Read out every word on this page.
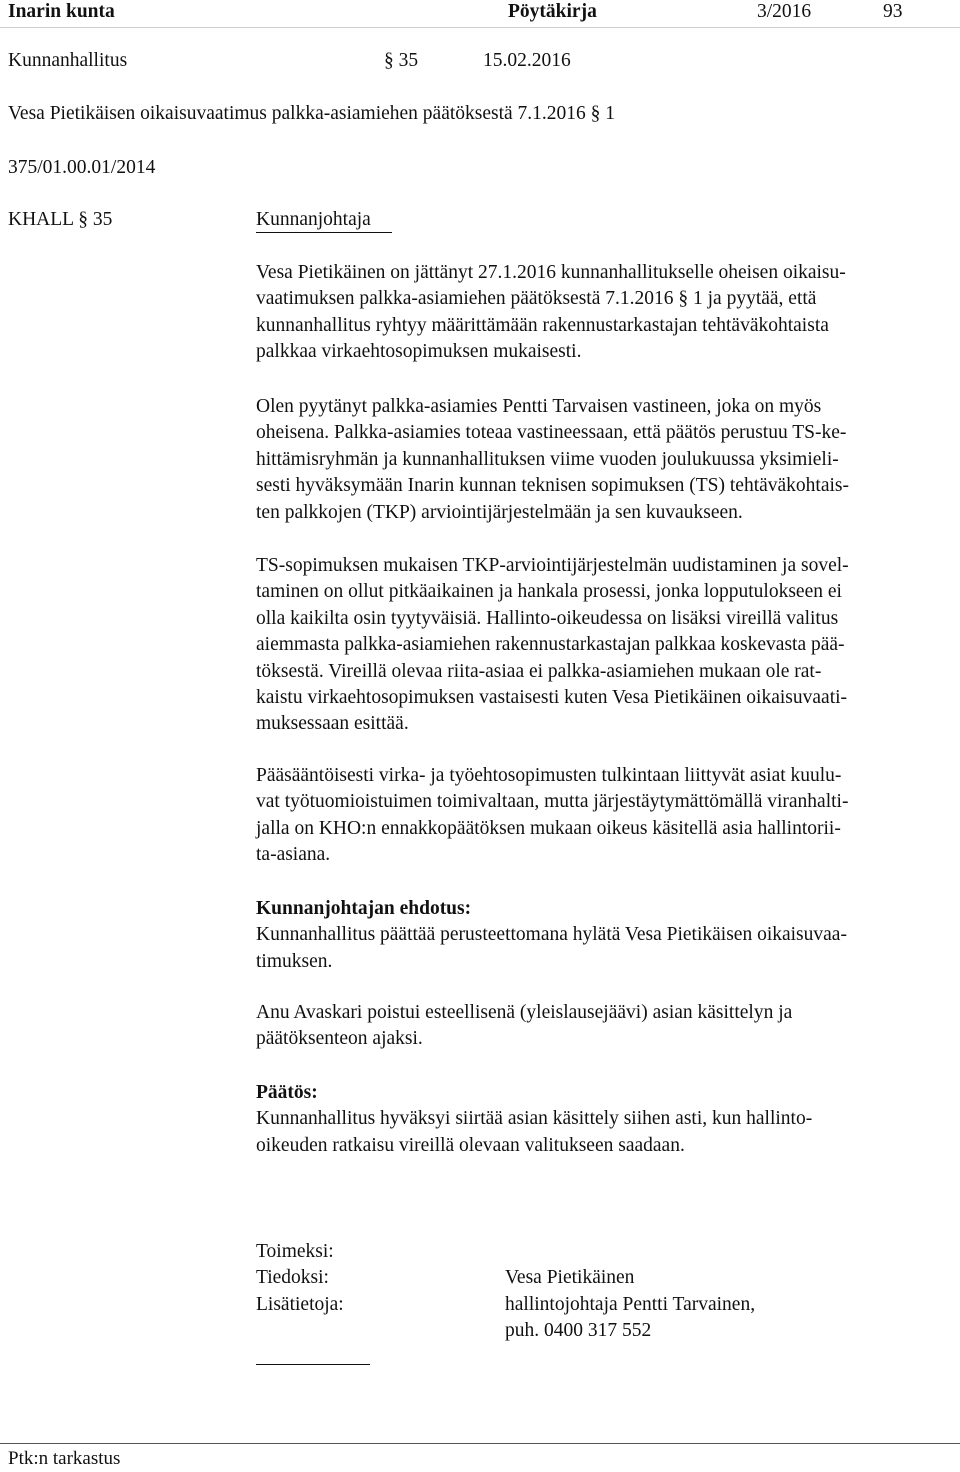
Inarin kunta	Pöytäkirja	3/2016	93
Kunnanhallitus	§ 35	15.02.2016
Vesa Pietikäisen oikaisuvaatimus palkka-asiamiehen päätöksestä 7.1.2016 § 1
375/01.00.01/2014
KHALL § 35	Kunnanjohtaja
Vesa Pietikäinen on jättänyt 27.1.2016 kunnanhallitukselle oheisen oikaisu-
vaatimuksen palkka-asiamiehen päätöksestä 7.1.2016 § 1 ja pyytää, että
kunnanhallitus ryhtyy määrittämään rakennustarkastajan tehtäväkohtaista
palkkaa virkaehtosopimuksen mukaisesti.
Olen pyytänyt palkka-asiamies Pentti Tarvaisen vastineen, joka on myös
oheisena. Palkka-asiamies toteaa vastineessaan, että päätös perustuu TS-ke-
hittämisryhmän ja kunnanhallituksen viime vuoden joulukuussa yksimieli-
sesti hyväksymään Inarin kunnan teknisen sopimuksen (TS) tehtäväkohtais-
ten palkkojen (TKP) arviointijärjestelmään ja sen kuvaukseen.
TS-sopimuksen mukaisen TKP-arviointijärjestelmän uudistaminen ja sovel-
taminen on ollut pitkäaikainen ja hankala prosessi, jonka lopputulokseen ei
olla kaikilta osin tyytyväisiä. Hallinto-oikeudessa on lisäksi vireillä valitus
aiemmasta palkka-asiamiehen rakennustarkastajan palkkaa koskevasta pää-
töksestä. Vireillä olevaa riita-asiaa ei palkka-asiamiehen mukaan ole rat-
kaistu virkaehtosopimuksen vastaisesti kuten Vesa Pietikäinen oikaisuvaati-
muksessaan esittää.
Pääsääntöisesti virka- ja työehtosopimusten tulkintaan liittyvät asiat kuulu-
vat työtuomioistuimen toimivaltaan, mutta järjestäytymättömällä viranhalti-
jalla on KHO:n ennakkopäätöksen mukaan oikeus käsitellä asia hallintorii-
ta-asiana.
Kunnanjohtajan ehdotus:
Kunnanhallitus päättää perusteettomana hylätä Vesa Pietikäisen oikaisuvaa-
timuksen.
Anu Avaskari poistui esteellisenä (yleislausejäävi) asian käsittelyn ja
päätöksenteon ajaksi.
Päätös:
Kunnanhallitus hyväksyi siirtää asian käsittely siihen asti, kun hallinto-
oikeuden ratkaisu vireillä olevaan valitukseen saadaan.
Toimeksi:
Tiedoksi:	Vesa Pietikäinen
Lisätietoja:	hallintojohtaja Pentti Tarvainen,
puh. 0400 317 552
Ptk:n tarkastus
